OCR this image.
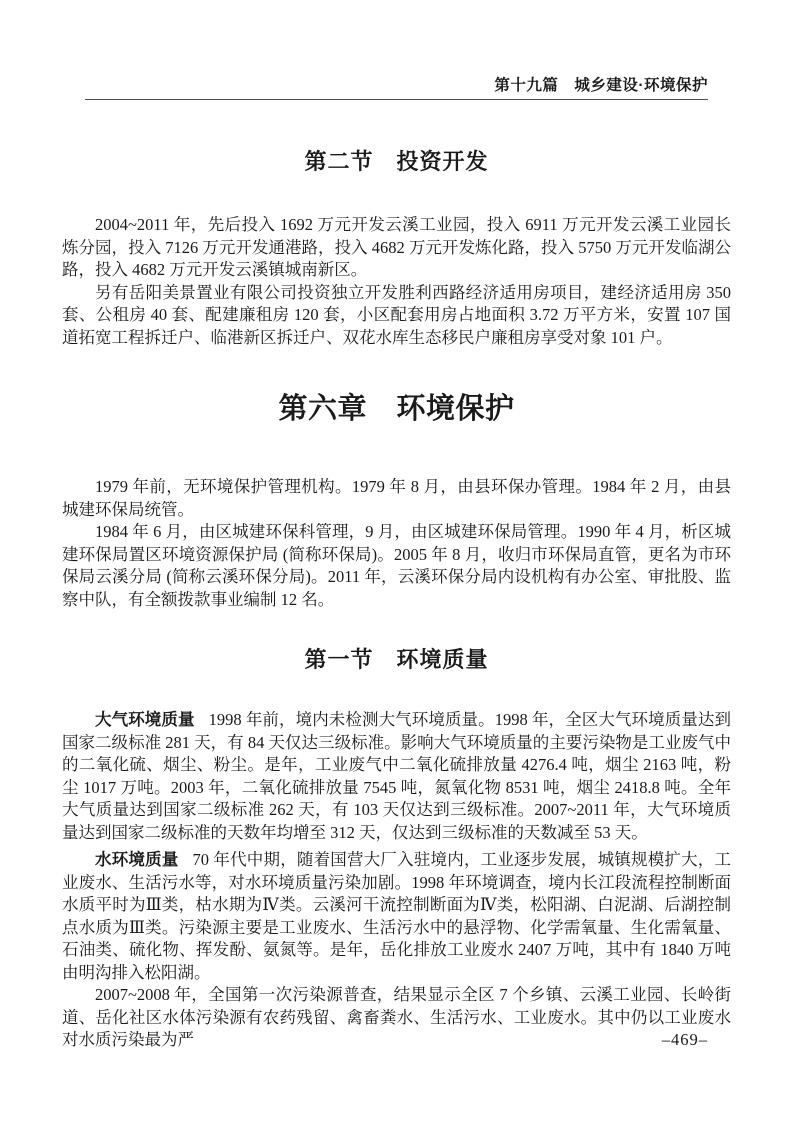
第十九篇　城乡建设·环境保护
第二节　投资开发

2004~2011 年，先后投入 1692 万元开发云溪工业园，投入 6911 万元开发云溪工业园长炼分园，投入 7126 万元开发通港路，投入 4682 万元开发炼化路，投入 5750 万元开发临湖公路，投入 4682 万元开发云溪镇城南新区。

另有岳阳美景置业有限公司投资独立开发胜利西路经济适用房项目，建经济适用房 350 套、公租房 40 套、配建廉租房 120 套，小区配套用房占地面积 3.72 万平方米，安置 107 国道拓宽工程拆迁户、临港新区拆迁户、双花水库生态移民户廉租房享受对象 101 户。

第六章　环境保护

1979 年前，无环境保护管理机构。1979 年 8 月，由县环保办管理。1984 年 2 月，由县城建环保局统管。

1984 年 6 月，由区城建环保科管理，9 月，由区城建环保局管理。1990 年 4 月，析区城建环保局置区环境资源保护局 (简称环保局)。2005 年 8 月，收归市环保局直管，更名为市环保局云溪分局 (简称云溪环保分局)。2011 年，云溪环保分局内设机构有办公室、审批股、监察中队，有全额拨款事业编制 12 名。

第一节　环境质量

大气环境质量 1998 年前，境内未检测大气环境质量。1998 年，全区大气环境质量达到国家二级标准 281 天，有 84 天仅达三级标准。影响大气环境质量的主要污染物是工业废气中的二氧化硫、烟尘、粉尘。是年，工业废气中二氧化硫排放量 4276.4 吨，烟尘 2163 吨，粉尘 1017 万吨。2003 年，二氧化硫排放量 7545 吨，氮氧化物 8531 吨，烟尘 2418.8 吨。全年大气质量达到国家二级标准 262 天，有 103 天仅达到三级标准。2007~2011 年，大气环境质量达到国家二级标准的天数年均增至 312 天，仅达到三级标准的天数减至 53 天。

水环境质量 70 年代中期，随着国营大厂入驻境内，工业逐步发展，城镇规模扩大，工业废水、生活污水等，对水环境质量污染加剧。1998 年环境调查，境内长江段流程控制断面水质平时为Ⅲ类，枯水期为Ⅳ类。云溪河干流控制断面为Ⅳ类，松阳湖、白泥湖、后湖控制点水质为Ⅲ类。污染源主要是工业废水、生活污水中的悬浮物、化学需氧量、生化需氧量、石油类、硫化物、挥发酚、氨氮等。是年，岳化排放工业废水 2407 万吨，其中有 1840 万吨由明沟排入松阳湖。

2007~2008 年，全国第一次污染源普查，结果显示全区 7 个乡镇、云溪工业园、长岭街道、岳化社区水体污染源有农药残留、禽畜粪水、生活污水、工业废水。其中仍以工业废水对水质污染最为严	–469–
